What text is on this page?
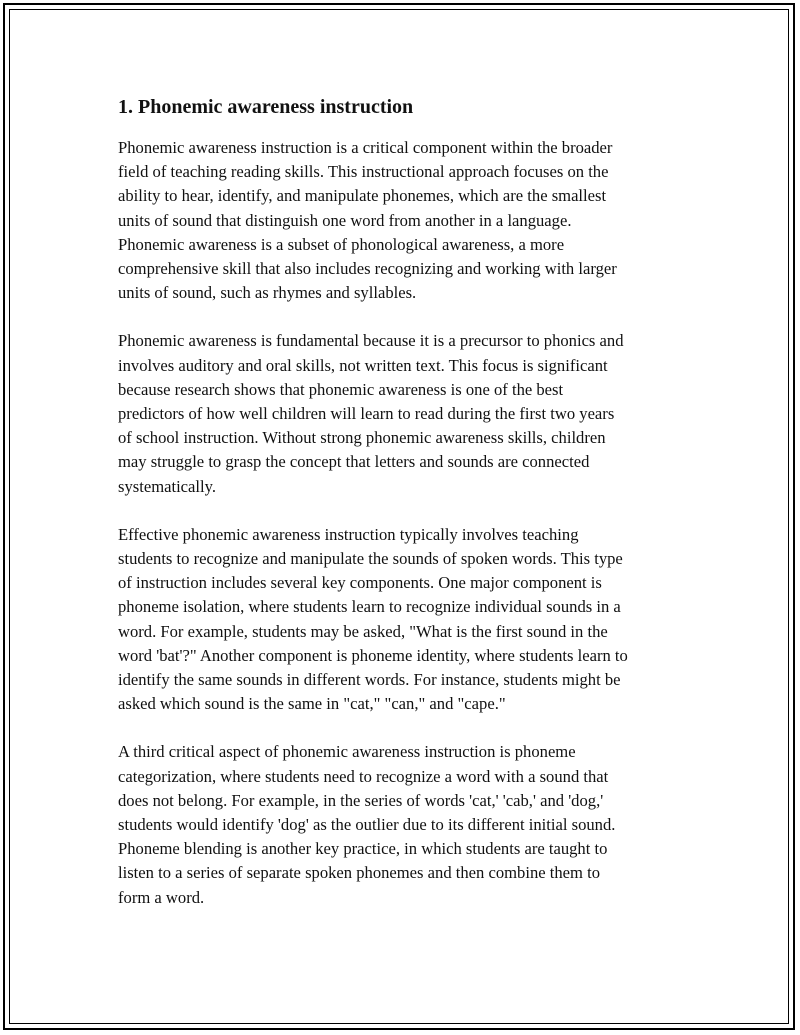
1. Phonemic awareness instruction

Phonemic awareness instruction is a critical component within the broader
field of teaching reading skills. This instructional approach focuses on the
ability to hear, identify, and manipulate phonemes, which are the smallest
units of sound that distinguish one word from another in a language.
Phonemic awareness is a subset of phonological awareness, a more
comprehensive skill that also includes recognizing and working with larger
units of sound, such as rhymes and syllables.

Phonemic awareness is fundamental because it is a precursor to phonics and
involves auditory and oral skills, not written text. This focus is significant
because research shows that phonemic awareness is one of the best
predictors of how well children will learn to read during the first two years
of school instruction. Without strong phonemic awareness skills, children
may struggle to grasp the concept that letters and sounds are connected
systematically.

Effective phonemic awareness instruction typically involves teaching
students to recognize and manipulate the sounds of spoken words. This type
of instruction includes several key components. One major component is
phoneme isolation, where students learn to recognize individual sounds in a
word. For example, students may be asked, "What is the first sound in the
word 'bat'?" Another component is phoneme identity, where students learn to
identify the same sounds in different words. For instance, students might be
asked which sound is the same in "cat," "can," and "cape."

A third critical aspect of phonemic awareness instruction is phoneme
categorization, where students need to recognize a word with a sound that
does not belong. For example, in the series of words 'cat,' 'cab,' and 'dog,'
students would identify 'dog' as the outlier due to its different initial sound.
Phoneme blending is another key practice, in which students are taught to
listen to a series of separate spoken phonemes and then combine them to
form a word.
